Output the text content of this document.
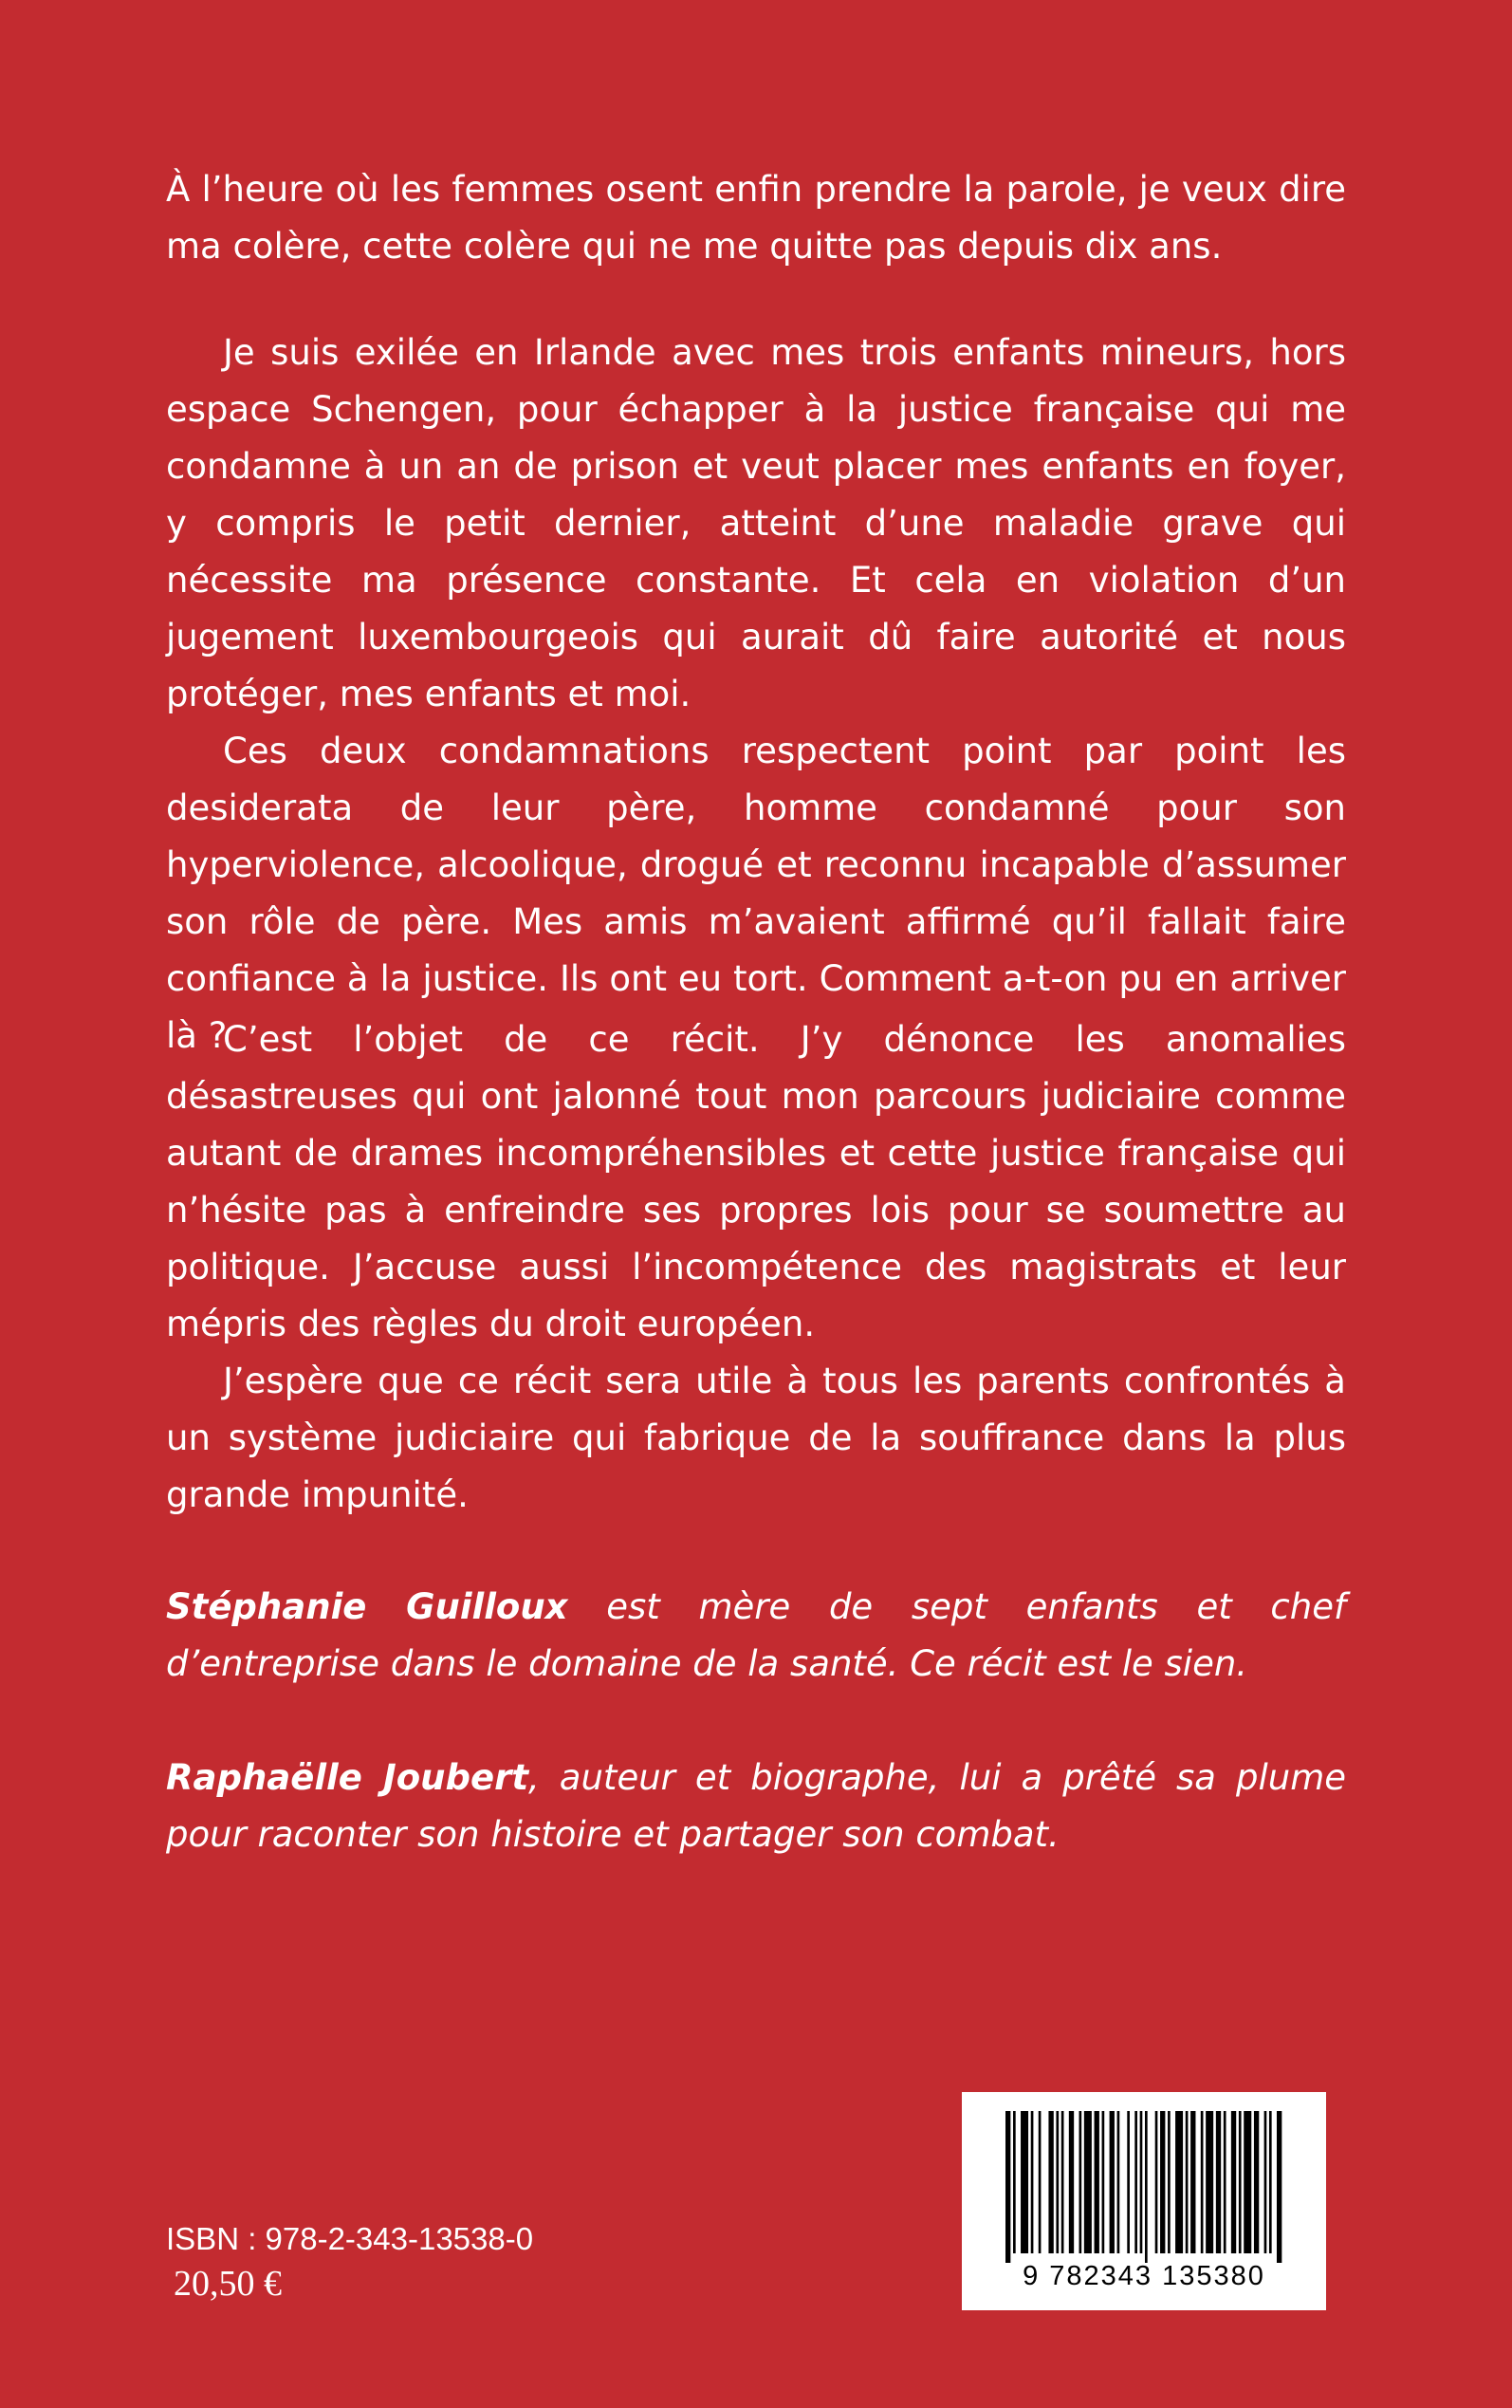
À l’heure où les femmes osent enfin prendre la parole, je veux dire ma colère, cette colère qui ne me quitte pas depuis dix ans.

Je suis exilée en Irlande avec mes trois enfants mineurs, hors espace Schengen, pour échapper à la justice française qui me condamne à un an de prison et veut placer mes enfants en foyer, y compris le petit dernier, atteint d’une maladie grave qui nécessite ma présence constante. Et cela en violation d’un jugement luxembourgeois qui aurait dû faire autorité et nous protéger, mes enfants et moi.

Ces deux condamnations respectent point par point les desiderata de leur père, homme condamné pour son hyperviolence, alcoolique, drogué et reconnu incapable d’assumer son rôle de père. Mes amis m’avaient affirmé qu’il fallait faire confiance à la justice. Ils ont eu tort. Comment a-t-on pu en arriver là ?

C’est l’objet de ce récit. J’y dénonce les anomalies désastreuses qui ont jalonné tout mon parcours judiciaire comme autant de drames incompréhensibles et cette justice française qui n’hésite pas à enfreindre ses propres lois pour se soumettre au politique. J’accuse aussi l’incompétence des magistrats et leur mépris des règles du droit européen.

J’espère que ce récit sera utile à tous les parents confrontés à un système judiciaire qui fabrique de la souffrance dans la plus grande impunité.

Stéphanie Guilloux est mère de sept enfants et chef d’entreprise dans le domaine de la santé. Ce récit est le sien.

Raphaëlle Joubert, auteur et biographe, lui a prêté sa plume pour raconter son histoire et partager son combat.

ISBN : 978-2-343-13538-0
20,50 €	9 782343 135380
